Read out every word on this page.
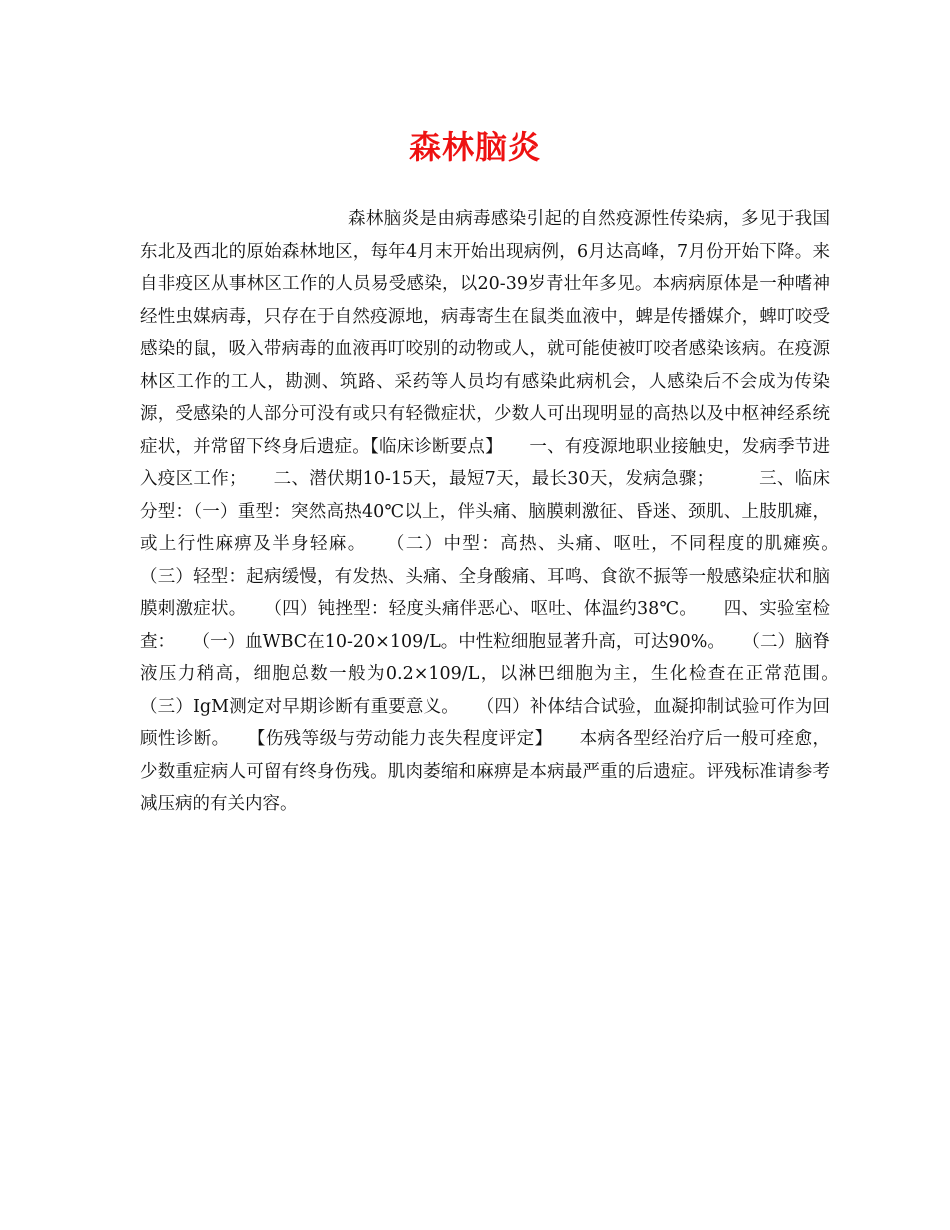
森林脑炎

森林脑炎是由病毒感染引起的自然疫源性传染病，多见于我国东北及西北的原始森林地区，每年4月末开始出现病例，6月达高峰，7月份开始下降。来自非疫区从事林区工作的人员易受感染，以20-39岁青壮年多见。本病病原体是一种嗜神经性虫媒病毒，只存在于自然疫源地，病毒寄生在鼠类血液中，蜱是传播媒介，蜱叮咬受感染的鼠，吸入带病毒的血液再叮咬别的动物或人，就可能使被叮咬者感染该病。在疫源林区工作的工人，勘测、筑路、采药等人员均有感染此病机会，人感染后不会成为传染源，受感染的人部分可没有或只有轻微症状，少数人可出现明显的高热以及中枢神经系统症状，并常留下终身后遗症。【临床诊断要点】　　一、有疫源地职业接触史，发病季节进入疫区工作；　　二、潜伏期10-15天，最短7天，最长30天，发病急骤；　　　三、临床分型：（一）重型：突然高热40℃以上，伴头痛、脑膜刺激征、昏迷、颈肌、上肢肌瘫，或上行性麻痹及半身轻麻。　　（二）中型：高热、头痛、呕吐，不同程度的肌瘫痪。　　（三）轻型：起病缓慢，有发热、头痛、全身酸痛、耳鸣、食欲不振等一般感染症状和脑膜刺激症状。　　（四）钝挫型：轻度头痛伴恶心、呕吐、体温约38℃。　　四、实验室检查：　　（一）血WBC在10-20×109/L。中性粒细胞显著升高，可达90%。　　（二）脑脊液压力稍高，细胞总数一般为0.2×109/L，以淋巴细胞为主，生化检查在正常范围。　　（三）IgM测定对早期诊断有重要意义。　　（四）补体结合试验，血凝抑制试验可作为回顾性诊断。　　【伤残等级与劳动能力丧失程度评定】　　本病各型经治疗后一般可痊愈，少数重症病人可留有终身伤残。肌肉萎缩和麻痹是本病最严重的后遗症。评残标准请参考减压病的有关内容。
